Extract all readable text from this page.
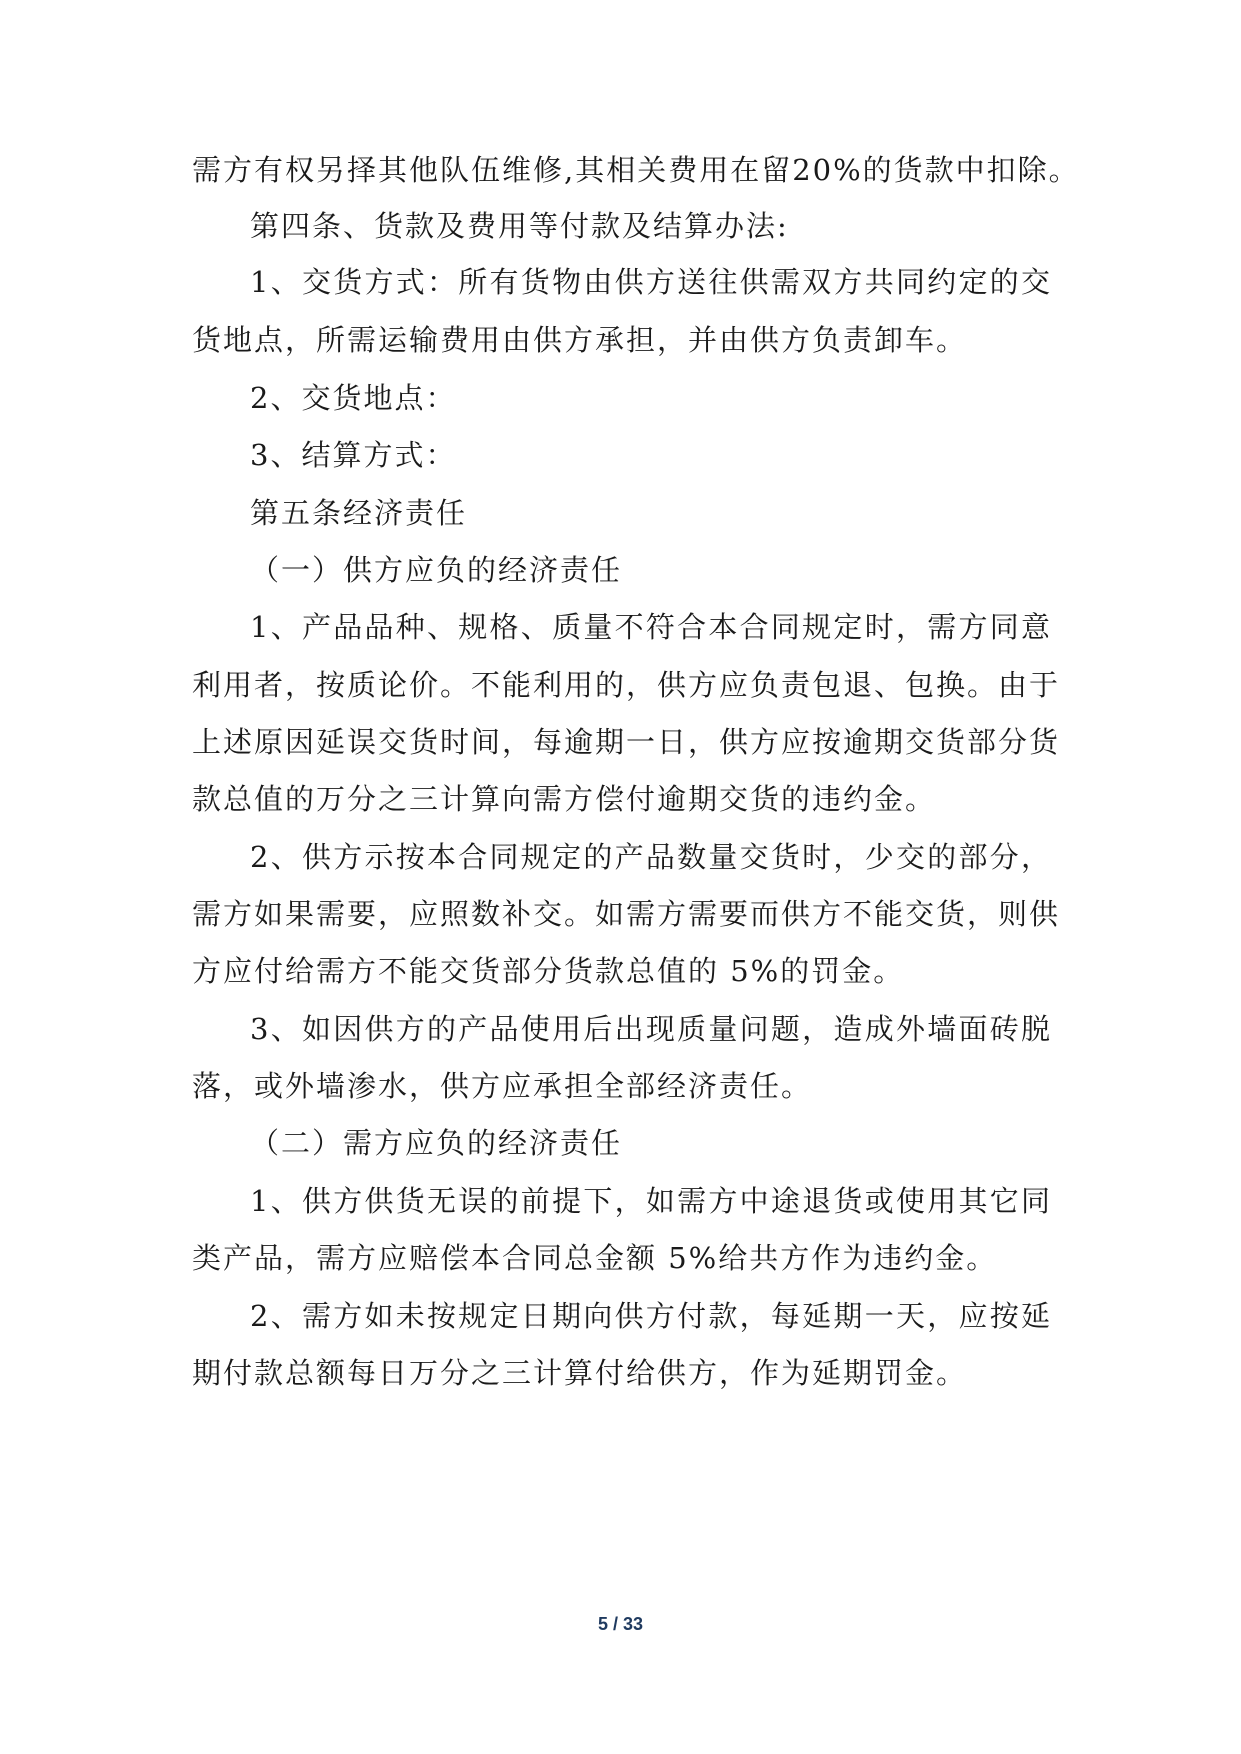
需方有权另择其他队伍维修,其相关费用在留20%的货款中扣除。
第四条、货款及费用等付款及结算办法:
1、交货方式：所有货物由供方送往供需双方共同约定的交
货地点，所需运输费用由供方承担，并由供方负责卸车。
2、交货地点：
3、结算方式：
第五条经济责任
（一）供方应负的经济责任
1、产品品种、规格、质量不符合本合同规定时，需方同意
利用者，按质论价。不能利用的，供方应负责包退、包换。由于
上述原因延误交货时间，每逾期一日，供方应按逾期交货部分货
款总值的万分之三计算向需方偿付逾期交货的违约金。
2、供方示按本合同规定的产品数量交货时，少交的部分，
需方如果需要，应照数补交。如需方需要而供方不能交货，则供
方应付给需方不能交货部分货款总值的 5%的罚金。
3、如因供方的产品使用后出现质量问题，造成外墙面砖脱
落，或外墙渗水，供方应承担全部经济责任。
（二）需方应负的经济责任
1、供方供货无误的前提下，如需方中途退货或使用其它同
类产品，需方应赔偿本合同总金额 5%给共方作为违约金。
2、需方如未按规定日期向供方付款，每延期一天，应按延
期付款总额每日万分之三计算付给供方，作为延期罚金。
5 / 33
